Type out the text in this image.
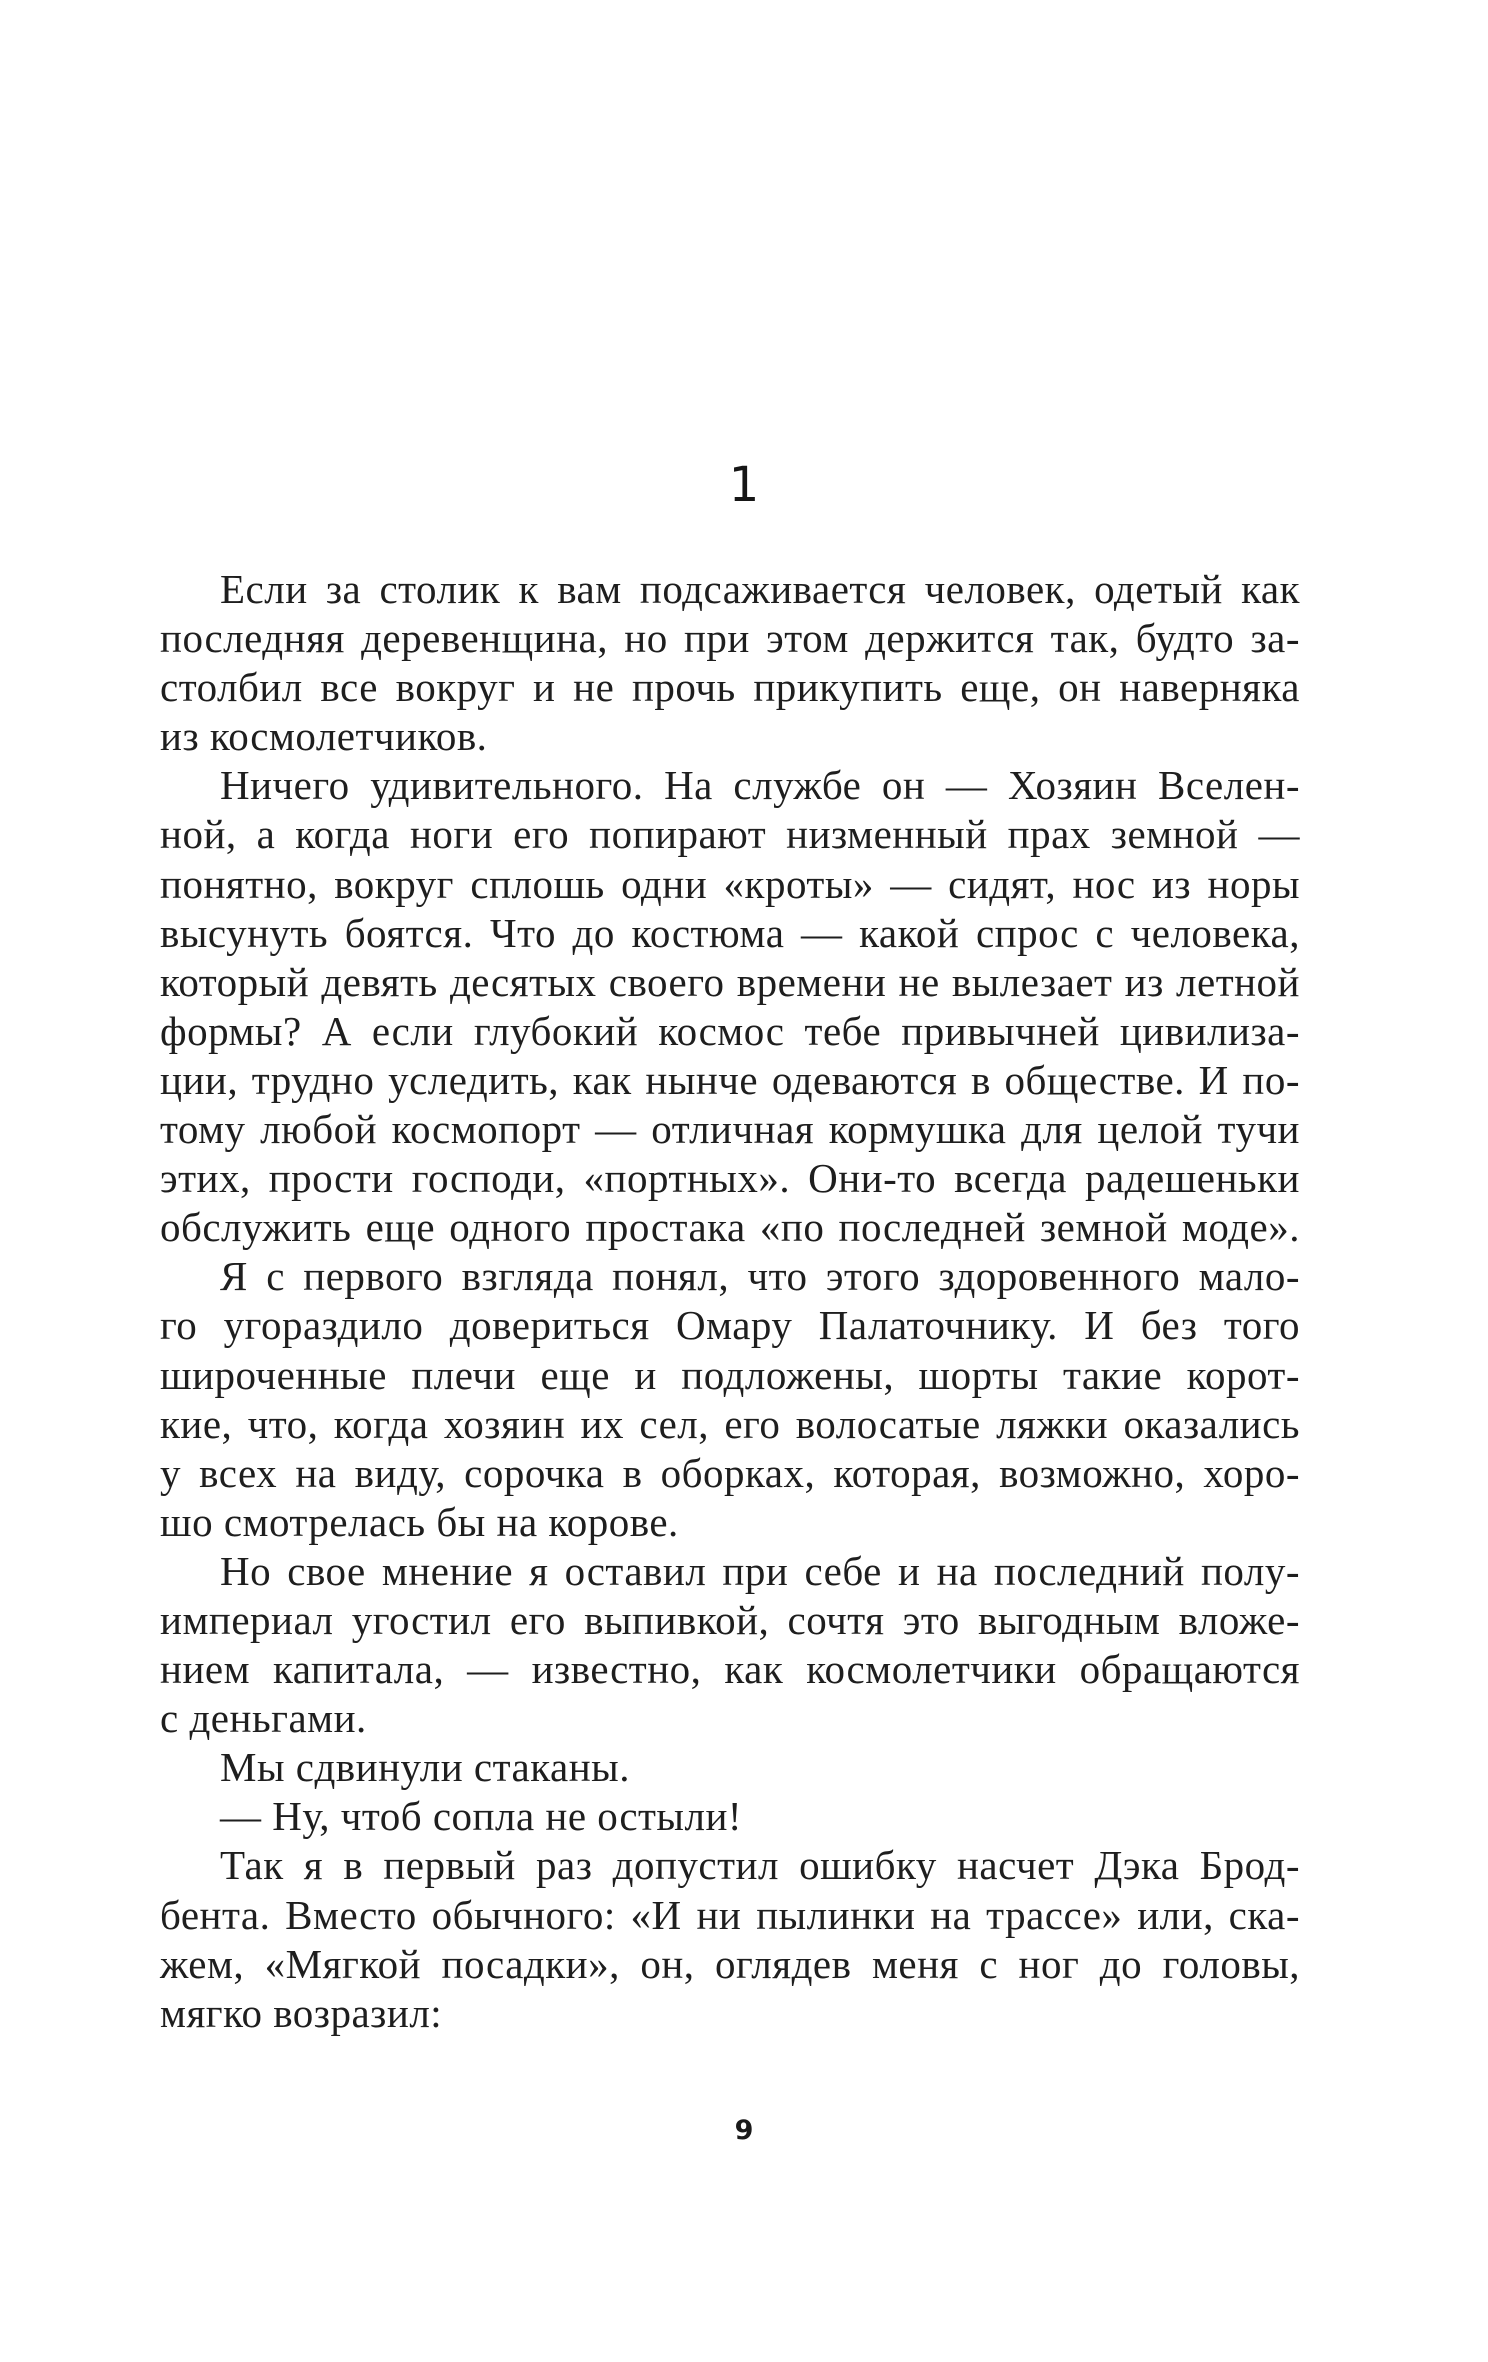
1
Если за столик к вам подсаживается человек, одетый как
последняя деревенщина, но при этом держится так, будто за-
столбил все вокруг и не прочь прикупить еще, он наверняка
из космолетчиков.
Ничего удивительного. На службе он — Хозяин Вселен-
ной, а когда ноги его попирают низменный прах земной —
понятно, вокруг сплошь одни «кроты» — сидят, нос из норы
высунуть боятся. Что до костюма — какой спрос с человека,
который девять десятых своего времени не вылезает из летной
формы? А если глубокий космос тебе привычней цивилиза-
ции, трудно уследить, как нынче одеваются в обществе. И по-
тому любой космопорт — отличная кормушка для целой тучи
этих, прости господи, «портных». Они-то всегда радешеньки
обслужить еще одного простака «по последней земной моде».
Я с первого взгляда понял, что этого здоровенного мало-
го угораздило довериться Омару Палаточнику. И без того
широченные плечи еще и подложены, шорты такие корот-
кие, что, когда хозяин их сел, его волосатые ляжки оказались
у всех на виду, сорочка в оборках, которая, возможно, хоро-
шо смотрелась бы на корове.
Но свое мнение я оставил при себе и на последний полу-
империал угостил его выпивкой, сочтя это выгодным вложе-
нием капитала, — известно, как космолетчики обращаются
с деньгами.
Мы сдвинули стаканы.
— Ну, чтоб сопла не остыли!
Так я в первый раз допустил ошибку насчет Дэка Брод-
бента. Вместо обычного: «И ни пылинки на трассе» или, ска-
жем, «Мягкой посадки», он, оглядев меня с ног до головы,
мягко возразил:
9
